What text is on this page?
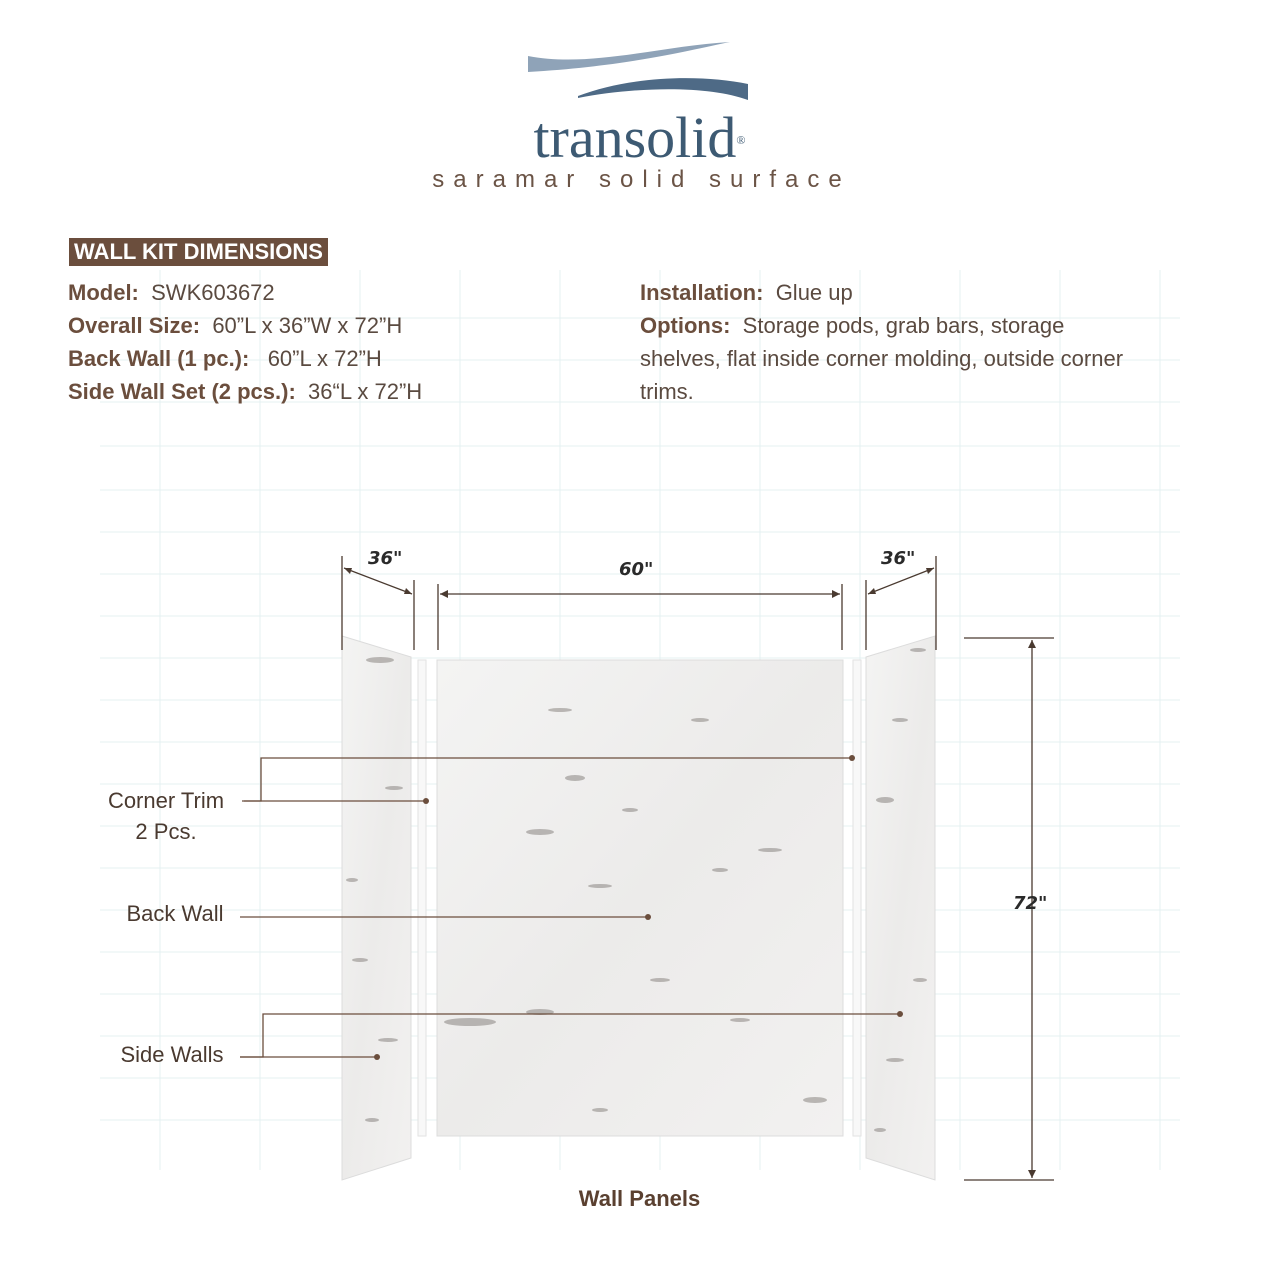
transolid®
saramar solid surface
WALL KIT DIMENSIONS
Model: SWK603672
Overall Size: 60”L x 36”W x 72”H
Back Wall (1 pc.): 60”L x 72”H
Side Wall Set (2 pcs.): 36“L x 72”H
Installation: Glue up
Options: Storage pods, grab bars, storage shelves, flat inside corner molding, outside corner trims.
36"
60"
36"
72"
Corner Trim
2 Pcs.
Back Wall
Side Walls
Wall Panels
